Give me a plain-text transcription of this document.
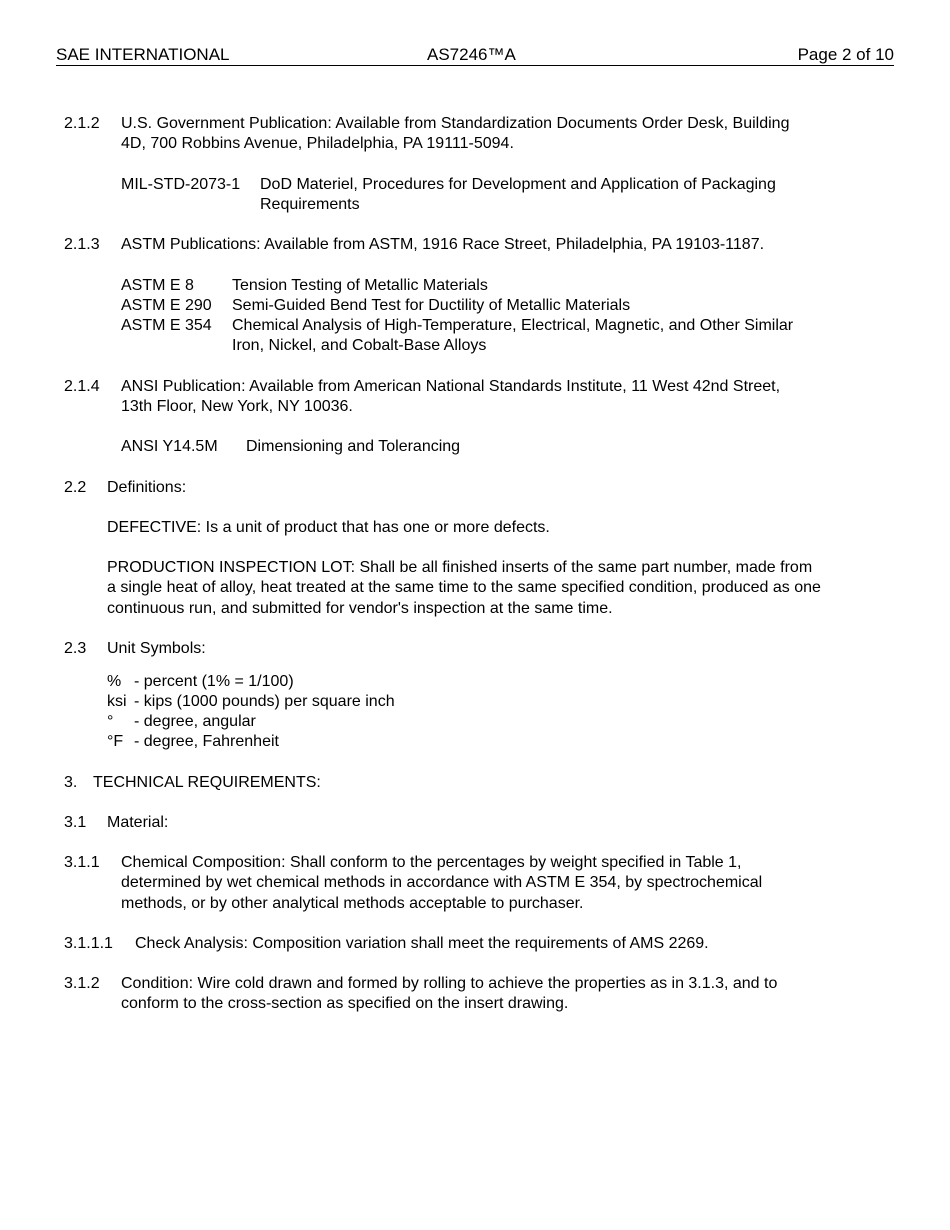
SAE INTERNATIONAL	AS7246™A	Page 2 of 10
2.1.2 U.S. Government Publication: Available from Standardization Documents Order Desk, Building
4D, 700 Robbins Avenue, Philadelphia, PA 19111-5094.
MIL-STD-2073-1 DoD Materiel, Procedures for Development and Application of Packaging
Requirements
2.1.3 ASTM Publications: Available from ASTM, 1916 Race Street, Philadelphia, PA 19103-1187.
ASTM E 8 Tension Testing of Metallic Materials
ASTM E 290 Semi-Guided Bend Test for Ductility of Metallic Materials
ASTM E 354 Chemical Analysis of High-Temperature, Electrical, Magnetic, and Other Similar
Iron, Nickel, and Cobalt-Base Alloys
2.1.4 ANSI Publication: Available from American National Standards Institute, 11 West 42nd Street,
13th Floor, New York, NY 10036.
ANSI Y14.5M Dimensioning and Tolerancing
2.2 Definitions:
DEFECTIVE: Is a unit of product that has one or more defects.
PRODUCTION INSPECTION LOT: Shall be all finished inserts of the same part number, made from
a single heat of alloy, heat treated at the same time to the same specified condition, produced as one
continuous run, and submitted for vendor's inspection at the same time.
2.3 Unit Symbols:
% - percent (1% = 1/100)
ksi - kips (1000 pounds) per square inch
° - degree, angular
°F - degree, Fahrenheit
3. TECHNICAL REQUIREMENTS:
3.1 Material:
3.1.1 Chemical Composition: Shall conform to the percentages by weight specified in Table 1,
determined by wet chemical methods in accordance with ASTM E 354, by spectrochemical
methods, or by other analytical methods acceptable to purchaser.
3.1.1.1 Check Analysis: Composition variation shall meet the requirements of AMS 2269.
3.1.2 Condition: Wire cold drawn and formed by rolling to achieve the properties as in 3.1.3, and to
conform to the cross-section as specified on the insert drawing.
